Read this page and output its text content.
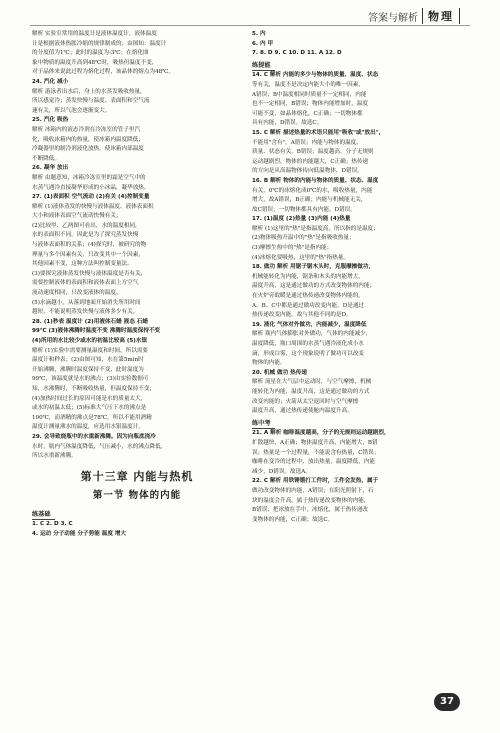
答案与解析 物理
解析 实验室常用的温度计是液体温度计，液体温度
计是根据液体热胀冷缩的规律制成的；由图知：温度计
的分度值为1℃；此时的温度为-3℃；在熔化图
象中物质的温度升高到48℃时，吸热但温度不变，
对于晶体来说此过程为熔化过程，该晶体的熔点为48℃。
24. 汽化 减小
解析 游泳者出水后，身上的水蒸发吸收热量，
所以感觉冷；蒸发快慢与温度、表面积和空气流
速有关，所以气泡会逐渐变大。
25. 汽化 吸热
解析 冰箱内的液态冷剂在冷冻室的管子里汽
化，吸收冰箱内的热量，使冰箱内温度降低；
冷凝器里的制冷剂液化放热，使冰箱内部温度
不断降低。
26. 凝华 放出
解析 由题意知，冰箱冷冻室里的霜是空气中的
水蒸气遇冷直接凝华形成的小冰晶，凝华放热。
27. (1)表面积 空气流动 (2)有关 (4)控制变量
解析 (1)液体蒸发的快慢与液体温度、液体表面积
大小和液体表面空气流动快慢有关；
(2)比较甲、乙两图可看出，水的温度相同，
水的表面积不同，因此是为了探究蒸发快慢
与液体表面积的关系；(4)探究时，被研究的物
理量与多个因素有关，只改变其中一个因素，
其他因素不变，这种方法叫控制变量法。
(3)要探究液体蒸发快慢与液体温度是否有关，
需要控制液体的表面积和液体表面上方空气
流动速度相同，只改变液体的温度。
(5)水滴越小，从落到地面开始消失所用时间
越短，不能说明蒸发快慢与液体多少有关。
28. (1)秒表 温度计 (2)用液体石蜡 液态 石蜡
99℃ (3)液体沸腾时温度不变 沸腾时温度保持不变
(4)所用的水比较少或水的初温比较高 (5)水银
解析 (1)实验中需要测量温度和时间，所以需要
温度计和秒表；(2)由图可知，水在第5min时
开始沸腾，沸腾时温度保持不变，此时温度为
99℃，该温度就是水的沸点；(3)由实验数据可
知，水沸腾时，不断吸收热量，但温度保持不变；
(4)加热时间过长的原因可能是水的质量太大，
或水的初温太低；(5)标准大气压下水的沸点是
100℃，而酒精的沸点是78℃，所以不能用酒精
温度计测量沸水的温度，应选用水银温度计。
29. 会导致烧瓶中的水重新沸腾。因为向瓶底浇冷
水时，瓶内气体温度降低，气压减小，水的沸点降低，
所以水重新沸腾。
第十三章 内能与热机
第一节 物体的内能
练基础
1. C 2. D 3. C
4. 运动 分子动能 分子势能 温度 增大
5. 内
6. 内 甲
7. 8. D 9. C 10. D 11. A 12. D
练提能
14. C 解析 内能的多少与物体的质量、温度、状态
等有关，温度不是决定内能大小的唯一因素，
A错误；B中温度相同时质量不一定相同，内能
也不一定相同，B错误；物体内能增加时，温度
可能不变，如晶体熔化，C正确；一切物体都
具有内能，D错误。故选C。
15. C 解析 描述热量的术语只能用"吸收"或"放出"，
不能用"含有"，A错误；内能与物体的温度、
质量、状态有关，B错误；温度越高，分子无规则
运动越剧烈，物体的内能越大，C正确；热传递
的方向是从高温物体传向低温物体，D错误。
16. B 解析 物体的内能与物体的质量、状态、温度
有关，0℃的冰熔化成0℃的水，吸收热量，内能
增大，故A错误，B正确；内能与机械能无关，
故C错误；一切物体都具有内能，D错误。
17. (1)温度 (2)热量 (3)内能 (4)热量
解析 (1)这里的"热"是指温度高，所以指的是温度；
(2)物体吸热升温中的"热"是指吸收热量；
(3)摩擦生热中的"热"是指内能；
(4)冰熔化要吸热，这里的"热"指热量。
18. 做功 解析 用锯子锯木头时，克服摩擦做功，
机械能转化为内能，锯条和木头的内能增大，
温度升高，这是通过做功的方式改变物体的内能；
在火炉旁取暖是通过热传递改变物体内能的。
A、B、C中都是通过做功改变内能，D是通过
热传递改变内能。故与其他不同的是D。
19. 液化 气体对外做功，内能减少，温度降低
解析 瓶内气体膨胀对外做功，气体的内能减少，
温度降低，瓶口周围的水蒸气遇冷液化成小水
滴，形成白雾，这个现象说明了做功可以改变
物体的内能。
20. 机械 做功 热传递
解析 流星在大气层中运动时，与空气摩擦，机械
能转化为内能，温度升高，这是通过做功的方式
改变内能的；火箭从太空返回时与空气摩擦
温度升高，通过热传递使舱内温度升高。
练中考
21. A 解析 咖啡温度越高，分子的无规则运动越剧烈，
扩散越快，A正确；物体温度升高，内能增大，B错
误；热量是一个过程量，不能说含有热量，C错误；
咖啡在变冷的过程中，放出热量，温度降低，内能
减少，D错误。故选A。
22. C 解析 用铁锤锻打工件时，工件会发热，属于
做功改变物体的内能，A错误；在阳光照射下，石
块的温度会升高，属于热传递改变物体的内能，
B错误；把冰放在手中，冰熔化，属于热传递改
变物体的内能，C正确；故选C。
37
